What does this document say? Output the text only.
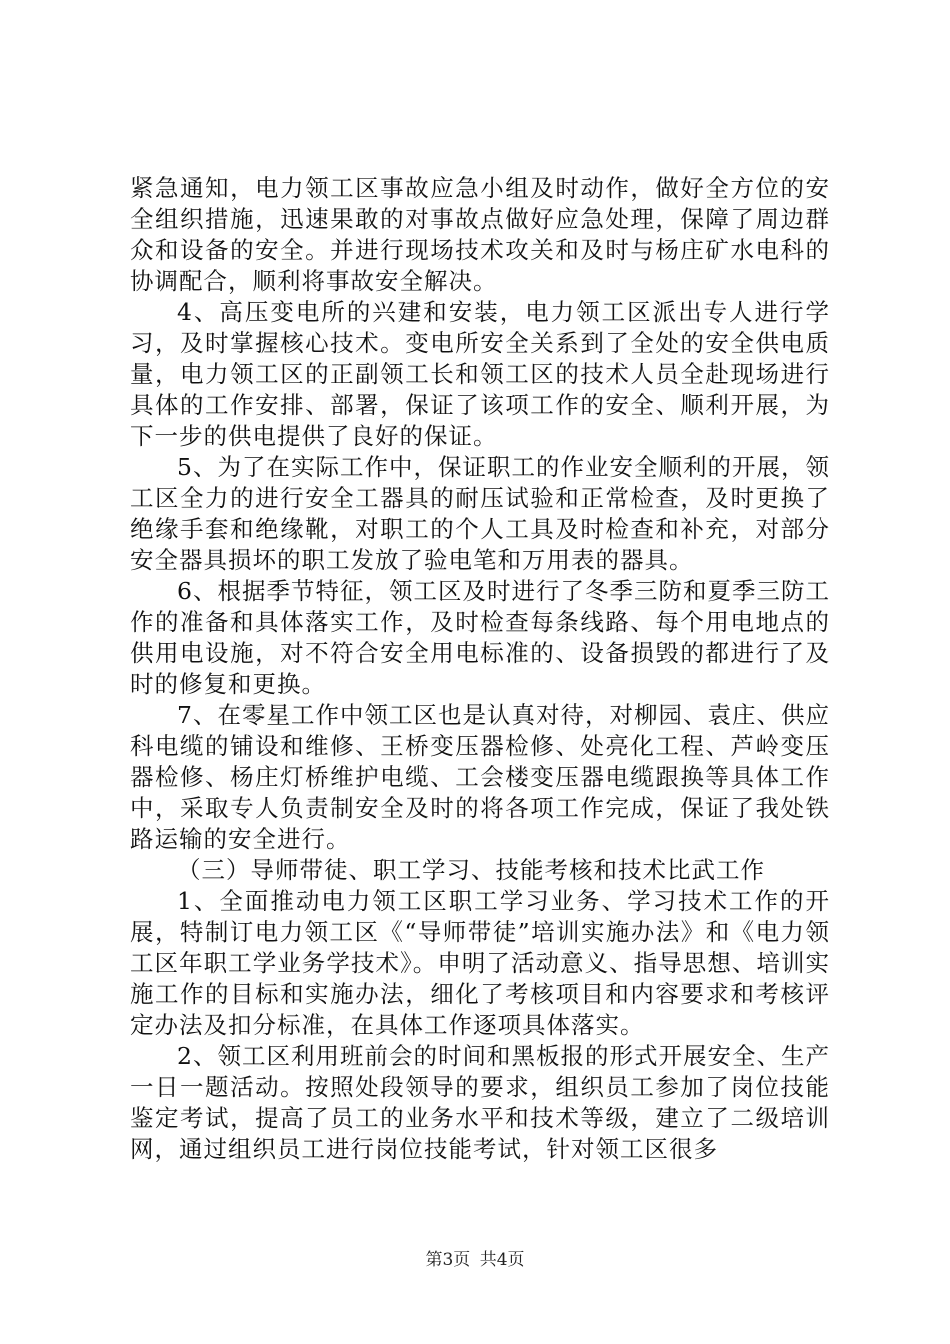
紧急通知，电力领工区事故应急小组及时动作，做好全方位的安全组织措施，迅速果敢的对事故点做好应急处理，保障了周边群众和设备的安全。并进行现场技术攻关和及时与杨庄矿水电科的协调配合，顺利将事故安全解决。

4、高压变电所的兴建和安装，电力领工区派出专人进行学习，及时掌握核心技术。变电所安全关系到了全处的安全供电质量，电力领工区的正副领工长和领工区的技术人员全赴现场进行具体的工作安排、部署，保证了该项工作的安全、顺利开展，为下一步的供电提供了良好的保证。

5、为了在实际工作中，保证职工的作业安全顺利的开展，领工区全力的进行安全工器具的耐压试验和正常检查，及时更换了绝缘手套和绝缘靴，对职工的个人工具及时检查和补充，对部分安全器具损坏的职工发放了验电笔和万用表的器具。

6、根据季节特征，领工区及时进行了冬季三防和夏季三防工作的准备和具体落实工作，及时检查每条线路、每个用电地点的供用电设施，对不符合安全用电标准的、设备损毁的都进行了及时的修复和更换。

7、在零星工作中领工区也是认真对待，对柳园、袁庄、供应科电缆的铺设和维修、王桥变压器检修、处亮化工程、芦岭变压器检修、杨庄灯桥维护电缆、工会楼变压器电缆跟换等具体工作中，采取专人负责制安全及时的将各项工作完成，保证了我处铁路运输的安全进行。

（三）导师带徒、职工学习、技能考核和技术比武工作

1、全面推动电力领工区职工学习业务、学习技术工作的开展，特制订电力领工区《“导师带徒”培训实施办法》和《电力领工区年职工学业务学技术》。申明了活动意义、指导思想、培训实施工作的目标和实施办法，细化了考核项目和内容要求和考核评定办法及扣分标准，在具体工作逐项具体落实。

2、领工区利用班前会的时间和黑板报的形式开展安全、生产一日一题活动。按照处段领导的要求，组织员工参加了岗位技能鉴定考试，提高了员工的业务水平和技术等级，建立了二级培训网，通过组织员工进行岗位技能考试，针对领工区很多

第3页 共4页
